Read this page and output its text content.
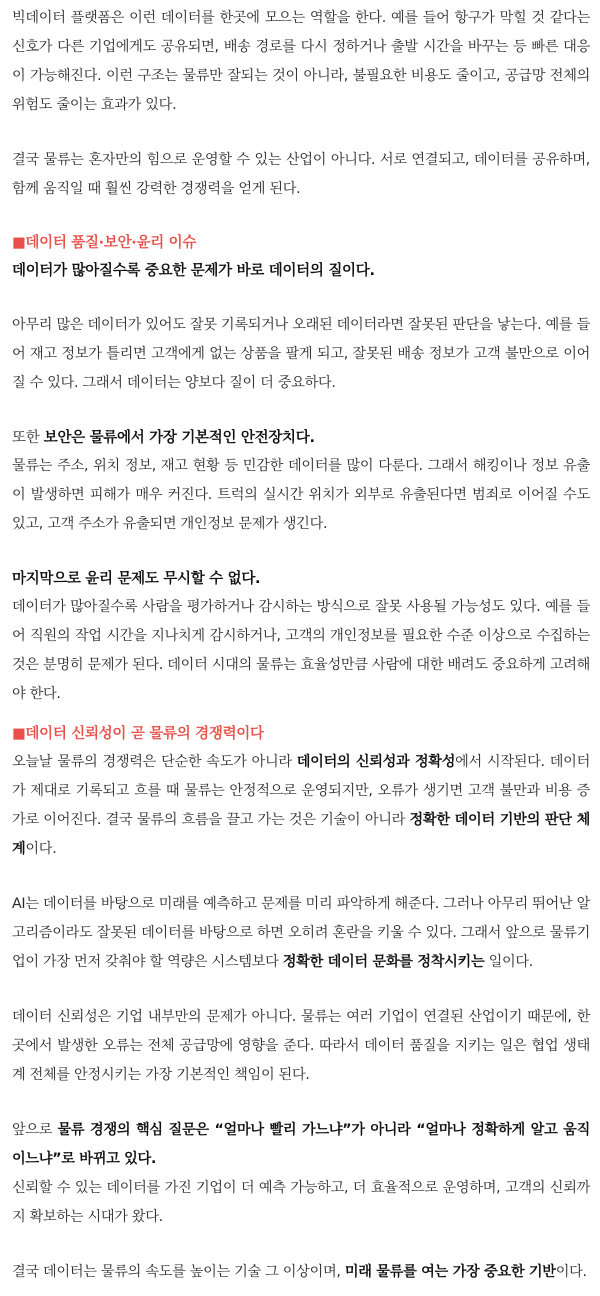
빅데이터 플랫폼은 이런 데이터를 한곳에 모으는 역할을 한다. 예를 들어 항구가 막힐 것 같다는 신호가 다른 기업에게도 공유되면, 배송 경로를 다시 정하거나 출발 시간을 바꾸는 등 빠른 대응이 가능해진다. 이런 구조는 물류만 잘되는 것이 아니라, 불필요한 비용도 줄이고, 공급망 전체의 위험도 줄이는 효과가 있다.

결국 물류는 혼자만의 힘으로 운영할 수 있는 산업이 아니다. 서로 연결되고, 데이터를 공유하며, 함께 움직일 때 훨씬 강력한 경쟁력을 얻게 된다.

■데이터 품질·보안·윤리 이슈
데이터가 많아질수록 중요한 문제가 바로 데이터의 질이다.

아무리 많은 데이터가 있어도 잘못 기록되거나 오래된 데이터라면 잘못된 판단을 낳는다. 예를 들어 재고 정보가 틀리면 고객에게 없는 상품을 팔게 되고, 잘못된 배송 정보가 고객 불만으로 이어질 수 있다. 그래서 데이터는 양보다 질이 더 중요하다.

또한 보안은 물류에서 가장 기본적인 안전장치다.

물류는 주소, 위치 정보, 재고 현황 등 민감한 데이터를 많이 다룬다. 그래서 해킹이나 정보 유출이 발생하면 피해가 매우 커진다. 트럭의 실시간 위치가 외부로 유출된다면 범죄로 이어질 수도 있고, 고객 주소가 유출되면 개인정보 문제가 생긴다.

마지막으로 윤리 문제도 무시할 수 없다.

데이터가 많아질수록 사람을 평가하거나 감시하는 방식으로 잘못 사용될 가능성도 있다. 예를 들어 직원의 작업 시간을 지나치게 감시하거나, 고객의 개인정보를 필요한 수준 이상으로 수집하는 것은 분명히 문제가 된다. 데이터 시대의 물류는 효율성만큼 사람에 대한 배려도 중요하게 고려해야 한다.

■데이터 신뢰성이 곧 물류의 경쟁력이다

오늘날 물류의 경쟁력은 단순한 속도가 아니라 데이터의 신뢰성과 정확성에서 시작된다. 데이터가 제대로 기록되고 흐를 때 물류는 안정적으로 운영되지만, 오류가 생기면 고객 불만과 비용 증가로 이어진다. 결국 물류의 흐름을 끌고 가는 것은 기술이 아니라 정확한 데이터 기반의 판단 체계이다.

AI는 데이터를 바탕으로 미래를 예측하고 문제를 미리 파악하게 해준다. 그러나 아무리 뛰어난 알고리즘이라도 잘못된 데이터를 바탕으로 하면 오히려 혼란을 키울 수 있다. 그래서 앞으로 물류기업이 가장 먼저 갖춰야 할 역량은 시스템보다 정확한 데이터 문화를 정착시키는 일이다.

데이터 신뢰성은 기업 내부만의 문제가 아니다. 물류는 여러 기업이 연결된 산업이기 때문에, 한 곳에서 발생한 오류는 전체 공급망에 영향을 준다. 따라서 데이터 품질을 지키는 일은 협업 생태계 전체를 안정시키는 가장 기본적인 책임이 된다.

앞으로 물류 경쟁의 핵심 질문은 “얼마나 빨리 가느냐”가 아니라 “얼마나 정확하게 알고 움직이느냐”로 바뀌고 있다.

신뢰할 수 있는 데이터를 가진 기업이 더 예측 가능하고, 더 효율적으로 운영하며, 고객의 신뢰까지 확보하는 시대가 왔다.

결국 데이터는 물류의 속도를 높이는 기술 그 이상이며, 미래 물류를 여는 가장 중요한 기반이다.
